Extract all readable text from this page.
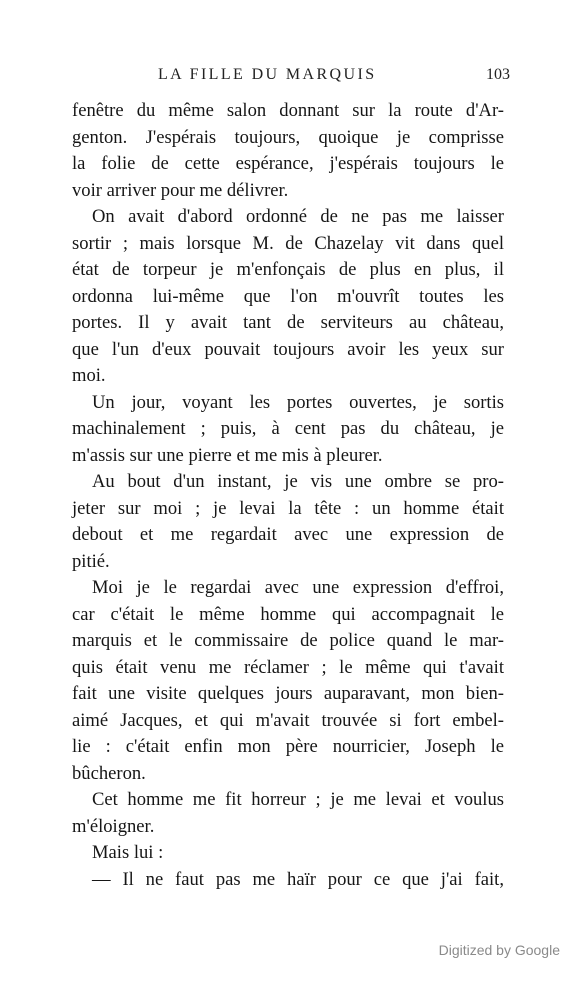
LA FILLE DU MARQUIS	103
fenêtre du même salon donnant sur la route d'Ar-
genton. J'espérais toujours, quoique je comprisse
la folie de cette espérance, j'espérais toujours le
voir arriver pour me délivrer.
On avait d'abord ordonné de ne pas me laisser
sortir ; mais lorsque M. de Chazelay vit dans quel
état de torpeur je m'enfonçais de plus en plus, il
ordonna lui-même que l'on m'ouvrît toutes les
portes. Il y avait tant de serviteurs au château,
que l'un d'eux pouvait toujours avoir les yeux sur
moi.
Un jour, voyant les portes ouvertes, je sortis
machinalement ; puis, à cent pas du château, je
m'assis sur une pierre et me mis à pleurer.
Au bout d'un instant, je vis une ombre se pro-
jeter sur moi ; je levai la tête : un homme était
debout et me regardait avec une expression de
pitié.
Moi je le regardai avec une expression d'effroi,
car c'était le même homme qui accompagnait le
marquis et le commissaire de police quand le mar-
quis était venu me réclamer ; le même qui t'avait
fait une visite quelques jours auparavant, mon bien-
aimé Jacques, et qui m'avait trouvée si fort embel-
lie : c'était enfin mon père nourricier, Joseph le
bûcheron.
Cet homme me fit horreur ; je me levai et voulus
m'éloigner.
Mais lui :
— Il ne faut pas me haïr pour ce que j'ai fait,
Digitized by Google
